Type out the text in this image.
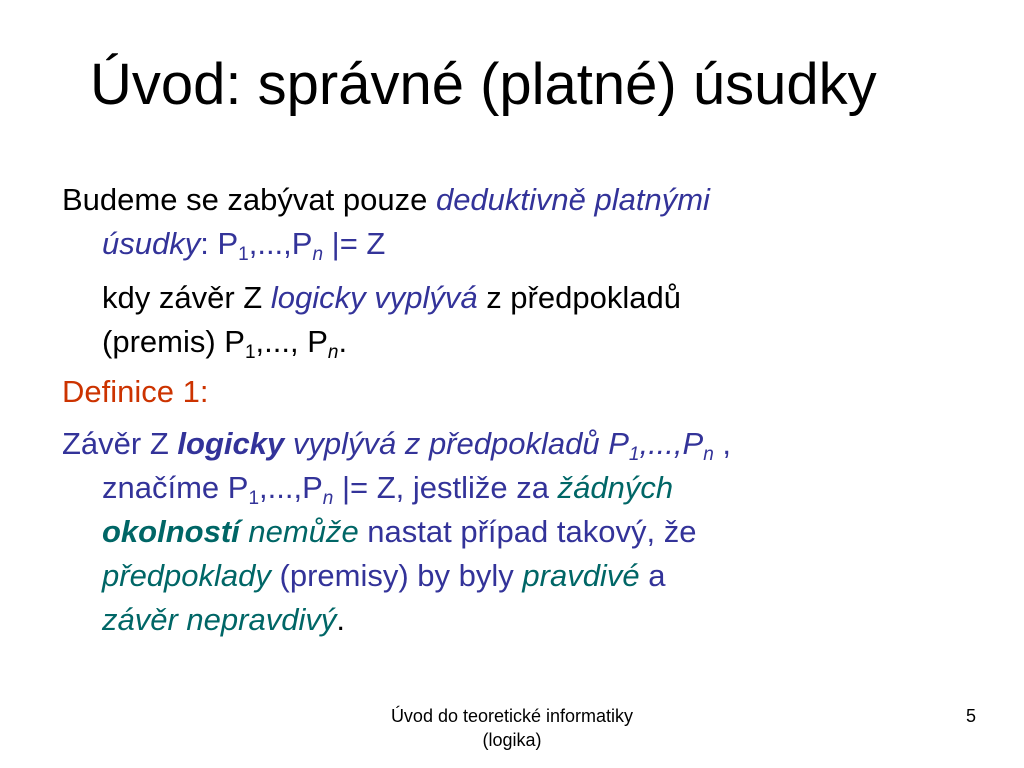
Úvod: správné (platné) úsudky
Budeme se zabývat pouze deduktivně platnými
úsudky: $P_1,...,P_n$ |= Z
kdy závěr Z logicky vyplývá z předpokladů
(premis) $P_1$,..., $P_n$.
Definice 1:
Závěr Z logicky vyplývá z předpokladů $P_1,...,P_n$ ,
značíme $P_1,...,P_n$ |= Z, jestliže za žádných
okolností nemůže nastat případ takový, že
předpoklady (premisy) by byly pravdivé a
závěr nepravdivý.
Úvod do teoretické informatiky
(logika)
5
